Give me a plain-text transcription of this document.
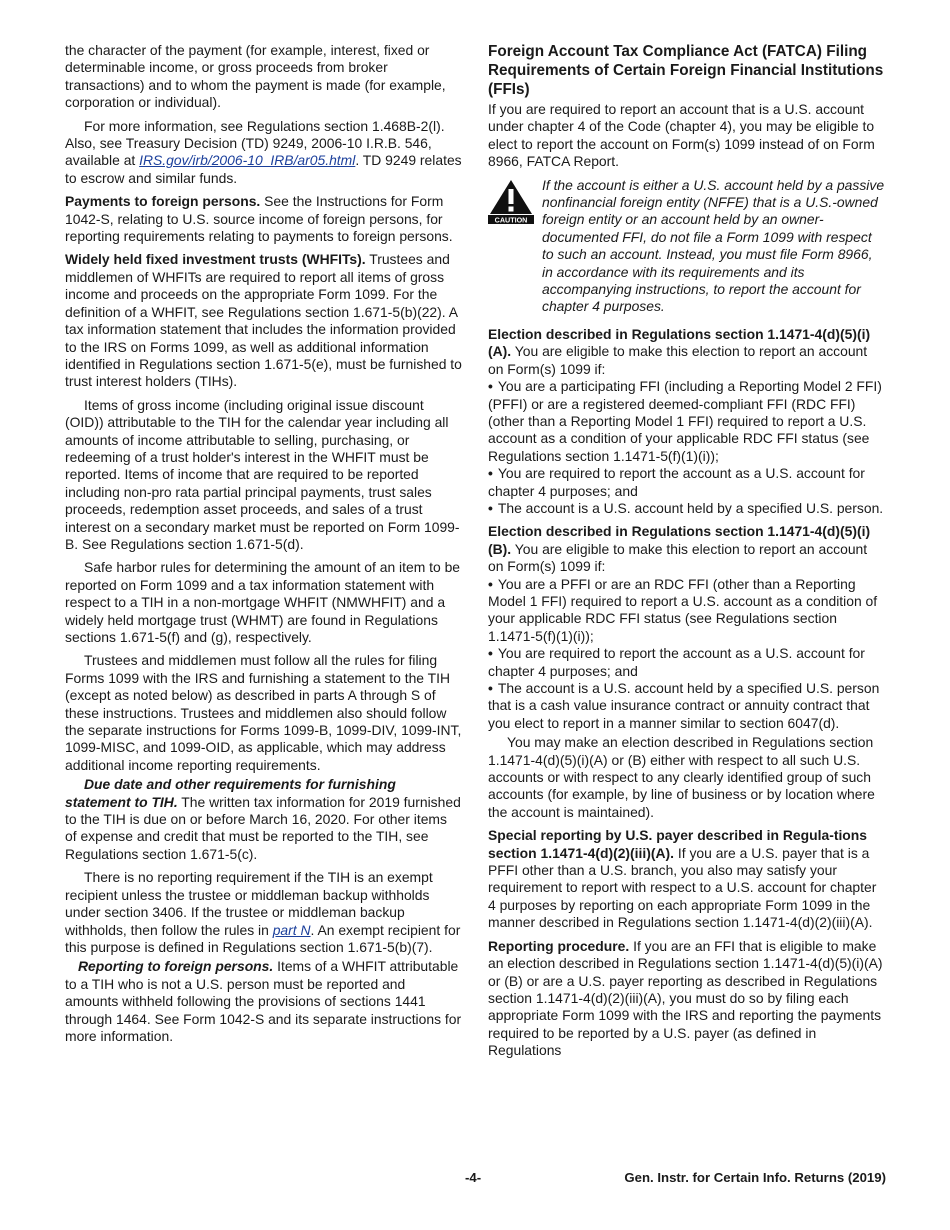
the character of the payment (for example, interest, fixed or determinable income, or gross proceeds from broker transactions) and to whom the payment is made (for example, corporation or individual).

For more information, see Regulations section 1.468B-2(l). Also, see Treasury Decision (TD) 9249, 2006-10 I.R.B. 546, available at IRS.gov/irb/2006-10_IRB/ar05.html. TD 9249 relates to escrow and similar funds.

Payments to foreign persons. See the Instructions for Form 1042-S, relating to U.S. source income of foreign persons, for reporting requirements relating to payments to foreign persons.

Widely held fixed investment trusts (WHFITs). Trustees and middlemen of WHFITs are required to report all items of gross income and proceeds on the appropriate Form 1099. For the definition of a WHFIT, see Regulations section 1.671-5(b)(22). A tax information statement that includes the information provided to the IRS on Forms 1099, as well as additional information identified in Regulations section 1.671-5(e), must be furnished to trust interest holders (TIHs).

Items of gross income (including original issue discount (OID)) attributable to the TIH for the calendar year including all amounts of income attributable to selling, purchasing, or redeeming of a trust holder's interest in the WHFIT must be reported. Items of income that are required to be reported including non-pro rata partial principal payments, trust sales proceeds, redemption asset proceeds, and sales of a trust interest on a secondary market must be reported on Form 1099-B. See Regulations section 1.671-5(d).

Safe harbor rules for determining the amount of an item to be reported on Form 1099 and a tax information statement with respect to a TIH in a non-mortgage WHFIT (NMWHFIT) and a widely held mortgage trust (WHMT) are found in Regulations sections 1.671-5(f) and (g), respectively.

Trustees and middlemen must follow all the rules for filing Forms 1099 with the IRS and furnishing a statement to the TIH (except as noted below) as described in parts A through S of these instructions. Trustees and middlemen also should follow the separate instructions for Forms 1099-B, 1099-DIV, 1099-INT, 1099-MISC, and 1099-OID, as applicable, which may address additional income reporting requirements.

Due date and other requirements for furnishing statement to TIH. The written tax information for 2019 furnished to the TIH is due on or before March 16, 2020. For other items of expense and credit that must be reported to the TIH, see Regulations section 1.671-5(c).

There is no reporting requirement if the TIH is an exempt recipient unless the trustee or middleman backup withholds under section 3406. If the trustee or middleman backup withholds, then follow the rules in part N. An exempt recipient for this purpose is defined in Regulations section 1.671-5(b)(7).

Reporting to foreign persons. Items of a WHFIT attributable to a TIH who is not a U.S. person must be reported and amounts withheld following the provisions of sections 1441 through 1464. See Form 1042-S and its separate instructions for more information.

Foreign Account Tax Compliance Act (FATCA) Filing Requirements of Certain Foreign Financial Institutions (FFIs)

If you are required to report an account that is a U.S. account under chapter 4 of the Code (chapter 4), you may be eligible to elect to report the account on Form(s) 1099 instead of on Form 8966, FATCA Report.

CAUTION
If the account is either a U.S. account held by a passive nonfinancial foreign entity (NFFE) that is a U.S.-owned foreign entity or an account held by an owner-documented FFI, do not file a Form 1099 with respect to such an account. Instead, you must file Form 8966, in accordance with its requirements and its accompanying instructions, to report the account for chapter 4 purposes.

Election described in Regulations section 1.1471-4(d)(5)(i)(A). You are eligible to make this election to report an account on Form(s) 1099 if:

• You are a participating FFI (including a Reporting Model 2 FFI) (PFFI) or are a registered deemed-compliant FFI (RDC FFI) (other than a Reporting Model 1 FFI) required to report a U.S. account as a condition of your applicable RDC FFI status (see Regulations section 1.1471-5(f)(1)(i));
• You are required to report the account as a U.S. account for chapter 4 purposes; and
• The account is a U.S. account held by a specified U.S. person.

Election described in Regulations section 1.1471-4(d)(5)(i)(B). You are eligible to make this election to report an account on Form(s) 1099 if:

• You are a PFFI or are an RDC FFI (other than a Reporting Model 1 FFI) required to report a U.S. account as a condition of your applicable RDC FFI status (see Regulations section 1.1471-5(f)(1)(i));
• You are required to report the account as a U.S. account for chapter 4 purposes; and
• The account is a U.S. account held by a specified U.S. person that is a cash value insurance contract or annuity contract that you elect to report in a manner similar to section 6047(d).

You may make an election described in Regulations section 1.1471-4(d)(5)(i)(A) or (B) either with respect to all such U.S. accounts or with respect to any clearly identified group of such accounts (for example, by line of business or by location where the account is maintained).

Special reporting by U.S. payer described in Regula-tions section 1.1471-4(d)(2)(iii)(A). If you are a U.S. payer that is a PFFI other than a U.S. branch, you also may satisfy your requirement to report with respect to a U.S. account for chapter 4 purposes by reporting on each appropriate Form 1099 in the manner described in Regulations section 1.1471-4(d)(2)(iii)(A).

Reporting procedure. If you are an FFI that is eligible to make an election described in Regulations section 1.1471-4(d)(5)(i)(A) or (B) or are a U.S. payer reporting as described in Regulations section 1.1471-4(d)(2)(iii)(A), you must do so by filing each appropriate Form 1099 with the IRS and reporting the payments required to be reported by a U.S. payer (as defined in Regulations

-4-	Gen. Instr. for Certain Info. Returns (2019)
